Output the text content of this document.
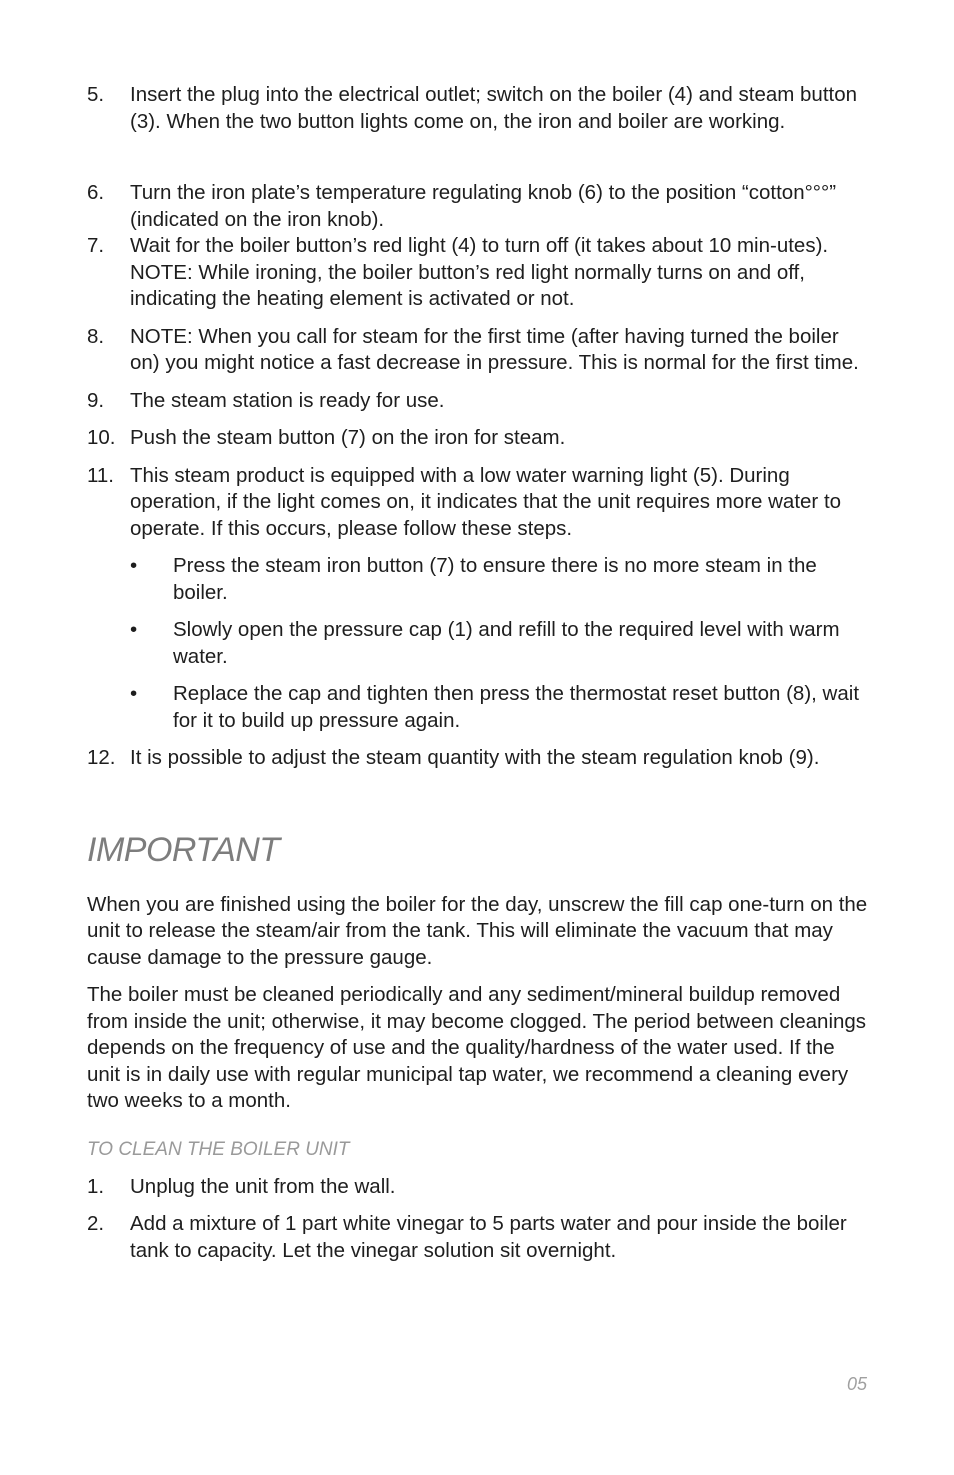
5. Insert the plug into the electrical outlet; switch on the boiler (4) and steam button (3). When the two button lights come on, the iron and boiler are working.
6. Turn the iron plate’s temperature regulating knob (6) to the position “cotton°°°” (indicated on the iron knob).
7. Wait for the boiler button’s red light (4) to turn off (it takes about 10 min-utes). NOTE: While ironing, the boiler button’s red light normally turns on and off, indicating the heating element is activated or not.
8. NOTE: When you call for steam for the first time (after having turned the boiler on) you might notice a fast decrease in pressure. This is normal for the first time.
9. The steam station is ready for use.
10. Push the steam button (7) on the iron for steam.
11. This steam product is equipped with a low water warning light (5). During operation, if the light comes on, it indicates that the unit requires more water to operate. If this occurs, please follow these steps.
• Press the steam iron button (7) to ensure there is no more steam in the boiler.
• Slowly open the pressure cap (1) and refill to the required level with warm water.
• Replace the cap and tighten then press the thermostat reset button (8), wait for it to build up pressure again.
12. It is possible to adjust the steam quantity with the steam regulation knob (9).
IMPORTANT

When you are finished using the boiler for the day, unscrew the fill cap one-turn on the unit to release the steam/air from the tank. This will eliminate the vacuum that may cause damage to the pressure gauge.

The boiler must be cleaned periodically and any sediment/mineral buildup removed from inside the unit; otherwise, it may become clogged. The period between cleanings depends on the frequency of use and the quality/hardness of the water used. If the unit is in daily use with regular municipal tap water, we recommend a cleaning every two weeks to a month.

TO CLEAN THE BOILER UNIT
1. Unplug the unit from the wall.
2. Add a mixture of 1 part white vinegar to 5 parts water and pour inside the boiler tank to capacity. Let the vinegar solution sit overnight.
05
